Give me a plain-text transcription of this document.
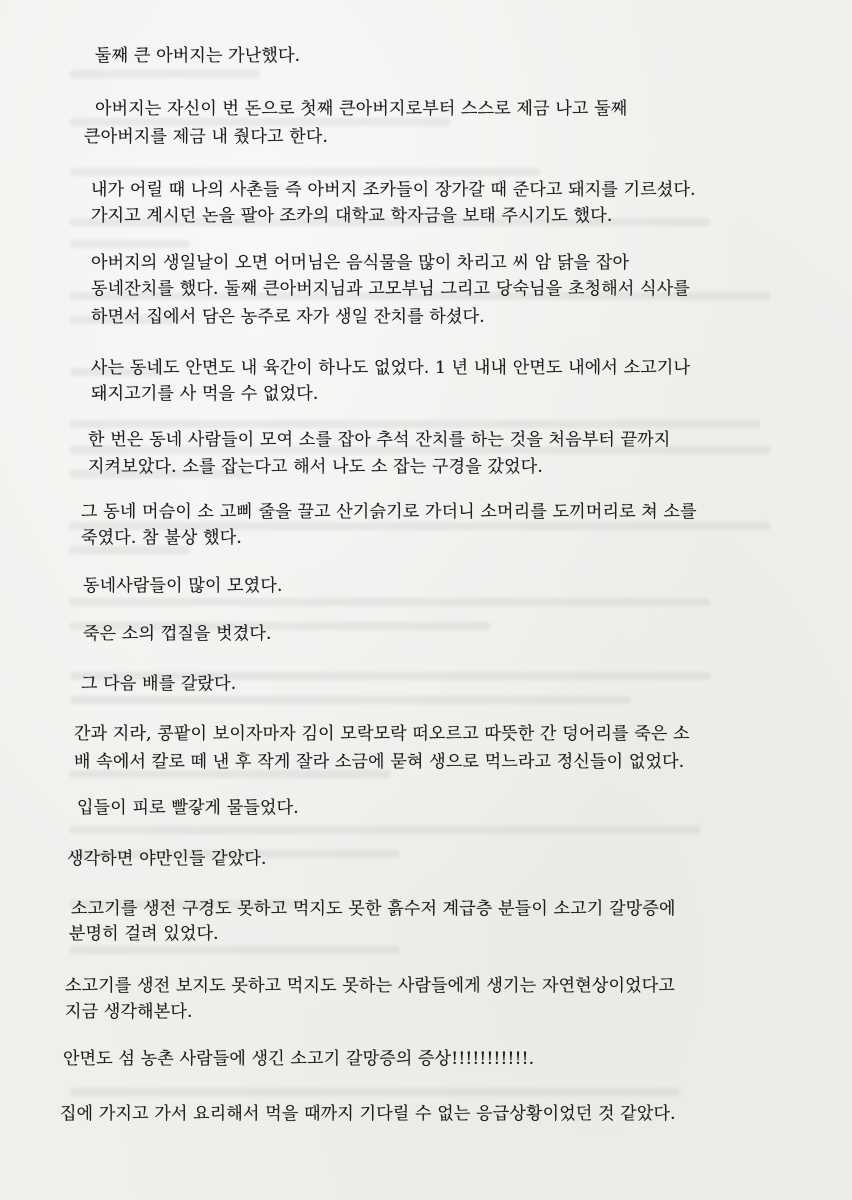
둘째 큰 아버지는 가난했다.

아버지는 자신이 번 돈으로 첫째 큰아버지로부터 스스로 제금 나고 둘째

큰아버지를 제금 내 줬다고 한다.

내가 어릴 때 나의 사촌들 즉 아버지 조카들이 장가갈 때 준다고 돼지를 기르셨다.

가지고 계시던 논을 팔아 조카의 대학교 학자금을 보태 주시기도 했다.

아버지의 생일날이 오면 어머님은 음식물을 많이 차리고 씨 암 닭을 잡아

동네잔치를 했다. 둘째 큰아버지님과 고모부님 그리고 당숙님을 초청해서 식사를

하면서 집에서 담은 농주로 자가 생일 잔치를 하셨다.

사는 동네도 안면도 내 육간이 하나도 없었다. 1 년 내내 안면도 내에서 소고기나

돼지고기를 사 먹을 수 없었다.

한 번은 동네 사람들이 모여 소를 잡아 추석 잔치를 하는 것을 처음부터 끝까지

지켜보았다. 소를 잡는다고 해서 나도 소 잡는 구경을 갔었다.

그 동네 머슴이 소 고삐 줄을 끌고 산기슭기로 가더니 소머리를 도끼머리로 쳐 소를

죽였다. 참 불상 했다.

동네사람들이 많이 모였다.

죽은 소의 껍질을 벗겼다.

그 다음 배를 갈랐다.

간과 지라, 콩팥이 보이자마자 김이 모락모락 떠오르고 따뜻한 간 덩어리를 죽은 소

배 속에서 칼로 떼 낸 후 작게 잘라 소금에 묻혀 생으로 먹느라고 정신들이 없었다.

입들이 피로 빨갛게 물들었다.

생각하면 야만인들 같았다.

소고기를 생전 구경도 못하고 먹지도 못한 흙수저 계급층 분들이 소고기 갈망증에

분명히 걸려 있었다.

소고기를 생전 보지도 못하고 먹지도 못하는 사람들에게 생기는 자연현상이었다고

지금 생각해본다.

안면도 섬 농촌 사람들에 생긴 소고기 갈망증의 증상!!!!!!!!!!!.

집에 가지고 가서 요리해서 먹을 때까지 기다릴 수 없는 응급상황이었던 것 같았다.
